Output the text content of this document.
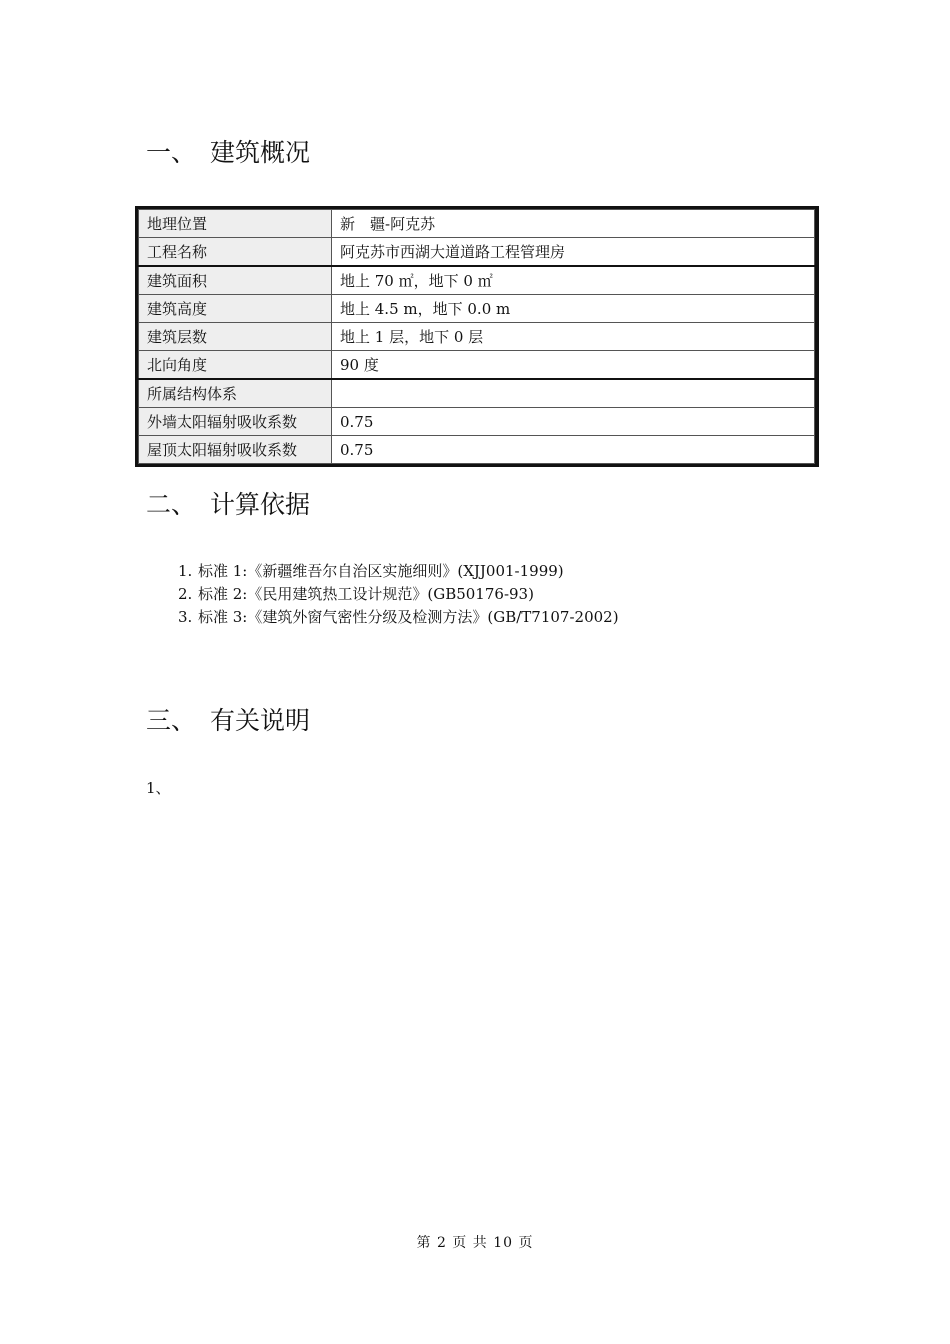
一、 建筑概况
地理位置	新　疆-阿克苏
工程名称	阿克苏市西湖大道道路工程管理房
建筑面积	地上 70 ㎡，地下 0 ㎡
建筑高度	地上 4.5 m，地下 0.0 m
建筑层数	地上 1 层，地下 0 层
北向角度	90 度
所属结构体系	
外墙太阳辐射吸收系数	0.75
屋顶太阳辐射吸收系数	0.75
二、 计算依据
1. 标准 1:《新疆维吾尔自治区实施细则》(XJJ001-1999)
2. 标准 2:《民用建筑热工设计规范》(GB50176-93)
3. 标准 3:《建筑外窗气密性分级及检测方法》(GB/T7107-2002)
三、 有关说明
1、
第 2 页 共 10 页
